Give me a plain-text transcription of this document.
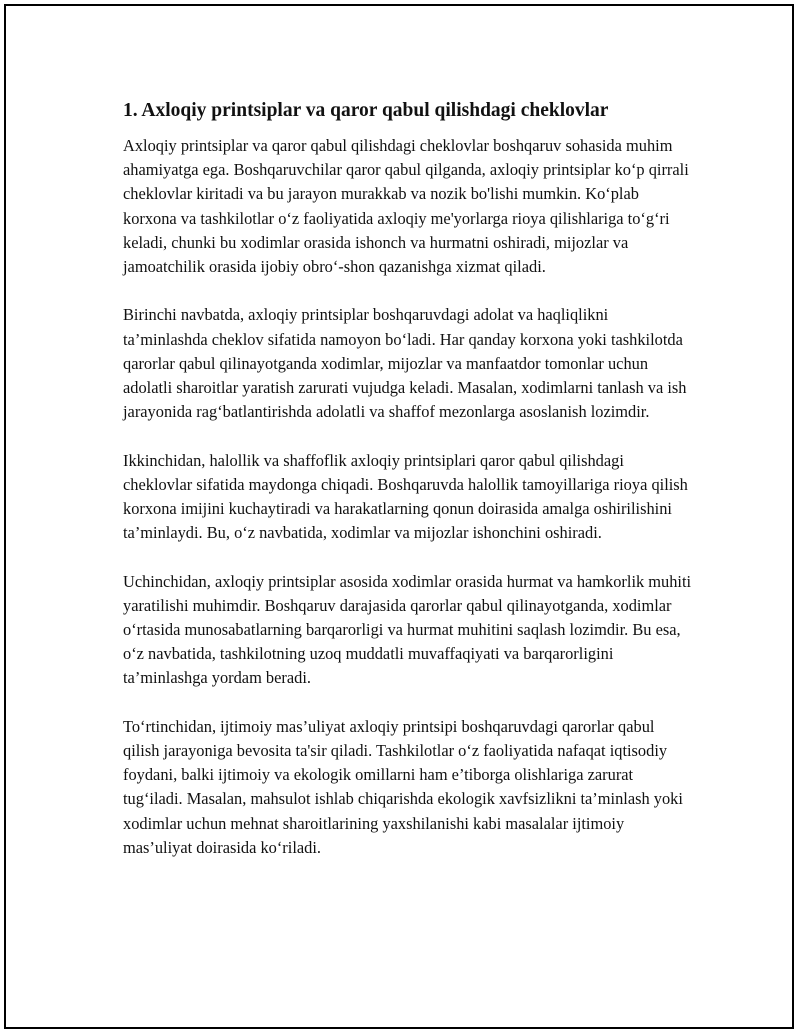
1. Axloqiy printsiplar va qaror qabul qilishdagi cheklovlar

Axloqiy printsiplar va qaror qabul qilishdagi cheklovlar boshqaruv sohasida muhim ahamiyatga ega. Boshqaruvchilar qaror qabul qilganda, axloqiy printsiplar ko‘p qirrali cheklovlar kiritadi va bu jarayon murakkab va nozik bo'lishi mumkin. Ko‘plab korxona va tashkilotlar o‘z faoliyatida axloqiy me'yorlarga rioya qilishlariga to‘g‘ri keladi, chunki bu xodimlar orasida ishonch va hurmatni oshiradi, mijozlar va jamoatchilik orasida ijobiy obro‘-shon qazanishga xizmat qiladi.

Birinchi navbatda, axloqiy printsiplar boshqaruvdagi adolat va haqliqlikni ta’minlashda cheklov sifatida namoyon bo‘ladi. Har qanday korxona yoki tashkilotda qarorlar qabul qilinayotganda xodimlar, mijozlar va manfaatdor tomonlar uchun adolatli sharoitlar yaratish zarurati vujudga keladi. Masalan, xodimlarni tanlash va ish jarayonida rag‘batlantirishda adolatli va shaffof mezonlarga asoslanish lozimdir.

Ikkinchidan, halollik va shaffoflik axloqiy printsiplari qaror qabul qilishdagi cheklovlar sifatida maydonga chiqadi. Boshqaruvda halollik tamoyillariga rioya qilish korxona imijini kuchaytiradi va harakatlarning qonun doirasida amalga oshirilishini ta’minlaydi. Bu, o‘z navbatida, xodimlar va mijozlar ishonchini oshiradi.

Uchinchidan, axloqiy printsiplar asosida xodimlar orasida hurmat va hamkorlik muhiti yaratilishi muhimdir. Boshqaruv darajasida qarorlar qabul qilinayotganda, xodimlar o‘rtasida munosabatlarning barqarorligi va hurmat muhitini saqlash lozimdir. Bu esa, o‘z navbatida, tashkilotning uzoq muddatli muvaffaqiyati va barqarorligini ta’minlashga yordam beradi.

To‘rtinchidan, ijtimoiy mas’uliyat axloqiy printsipi boshqaruvdagi qarorlar qabul qilish jarayoniga bevosita ta'sir qiladi. Tashkilotlar o‘z faoliyatida nafaqat iqtisodiy foydani, balki ijtimoiy va ekologik omillarni ham e’tiborga olishlariga zarurat tug‘iladi. Masalan, mahsulot ishlab chiqarishda ekologik xavfsizlikni ta’minlash yoki xodimlar uchun mehnat sharoitlarining yaxshilanishi kabi masalalar ijtimoiy mas’uliyat doirasida ko‘riladi.
